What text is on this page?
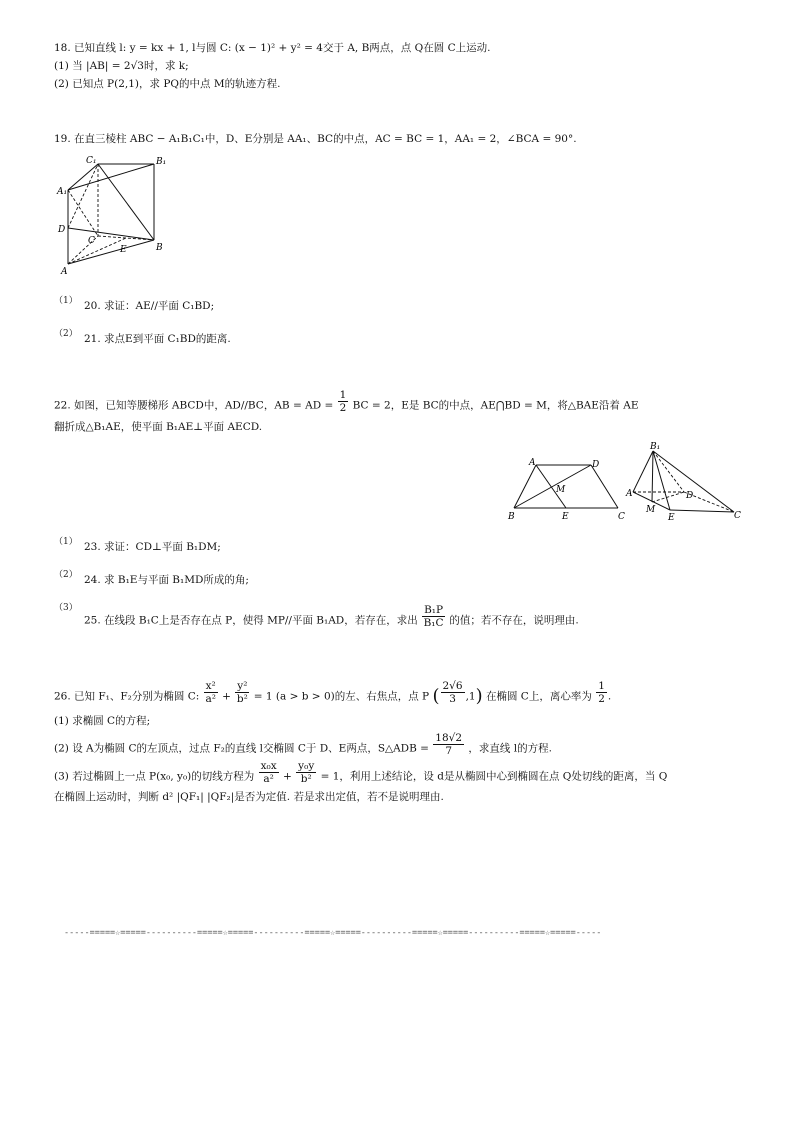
18. 已知直线 l: y = kx + 1, l与圆 C: (x − 1)² + y² = 4交于 A, B两点，点 Q在圆 C上运动.
(1) 当 |AB| = 2√3时，求 k;
(2) 已知点 P(2,1)，求 PQ的中点 M的轨迹方程.
19. 在直三棱柱 ABC − A₁B₁C₁中，D、E分别是 AA₁、BC的中点，AC = BC = 1，AA₁ = 2，∠BCA = 90°.
C₁	B₁
A₁
D
C
E	B
A
（1） 20. 求证：AE//平面 C₁BD;
（2） 21. 求点E到平面 C₁BD的距离.
22. 如图，已知等腰梯形 ABCD中，AD//BC，AB = AD = $\frac{1}{2}$ BC = 2，E是 BC的中点，AE⋂BD = M，将△BAE沿着 AE
翻折成△B₁AE，使平面 B₁AE⊥平面 AECD.
A	D
M
B	E	C
B₁
A	D
M
E	C
（1） 23. 求证：CD⊥平面 B₁DM;
（2） 24. 求 B₁E与平面 B₁MD所成的角;
（3）
25. 在线段 B₁C上是否存在点 P，使得 MP//平面 B₁AD，若存在，求出 $\frac{\text{B₁P}}{\text{B₁C}}$ 的值；若不存在，说明理由.
26. 已知 F₁、F₂分别为椭圆 C: $\frac{\text{x²}}{\text{a²}} + \frac{\text{y²}}{\text{b²}} = 1$ (a > b > 0)的左、右焦点，点 P ( $\frac{2√6}{3} ,1$) 在椭圆 C上，离心率为 $\frac{1}{2}$ .
(1) 求椭圆 C的方程;
(2) 设 A为椭圆 C的左顶点，过点 F₂的直线 l交椭圆 C于 D、E两点，S△ADB = $\frac{18√2}{7}$ ，求直线 l的方程.
(3) 若过椭圆上一点 P(x₀, y₀)的切线方程为 $\frac{\text{x₀x}}{\text{a²}} + \frac{\text{y₀y}}{\text{b²}} = 1$，利用上述结论，设 d是从椭圆中心到椭圆在点 Q处切线的距离，当 Q
在椭圆上运动时，判断 d² |QF₁| |QF₂|是否为定值. 若是求出定值，若不是说明理由.
-----=====☆=====----------=====☆=====----------=====☆=====----------=====☆=====----------=====☆=====-----
